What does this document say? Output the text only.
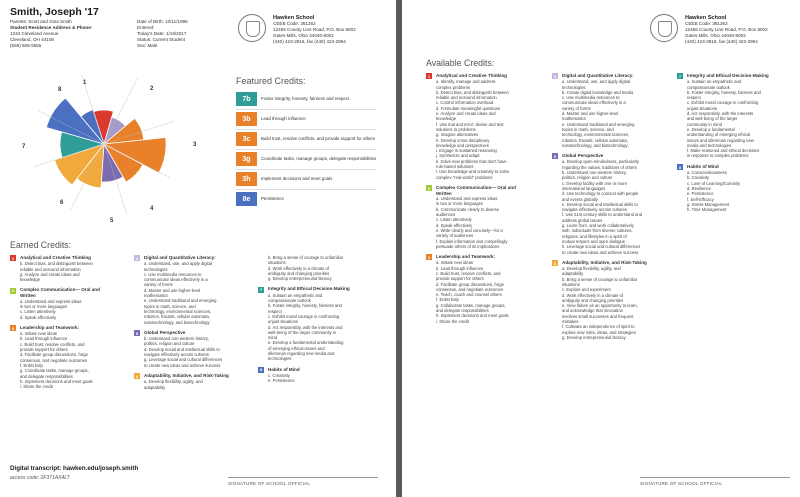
Smith, Joseph '17
Parents: Scott and Gina Smith
Student Residence Address & Phone:
1234 Cleveland Avenue
Cleveland, OH 44108
(555) 555-5555
Date of Birth: 10/11/1998
Entered:
Today's Date: 1/16/2017
Status: Current Student
Sex: Male
Hawken School
CEEB Code: 361262
12456 County Line Road, P.O. Box 8002
Gates Mills, Ohio 44040-8002
(440) 423-2916, fax (440) 423-2994
1
2
3
4
5
6
7
8
Featured Credits:
7b	Foster integrity, honesty, fairness and respect
3b	Lead through influence
3c	Build trust, resolve conflicts, and provide support for others
3g	Coordinate tasks, manage groups, delegate responsibilities
3h	Implement decisions and meet goals
8e	Persistence
Earned Credits:
1	Analytical and Creative Thinking
b. Detect bias, and distinguish between
reliable and unsound information
g. Analyze and create ideas and
knowledge
2	Complex Communication— Oral and Written
a. Understand and express ideas
in two or more languages
c. Listen attentively
d. Speak effectively
3	Leadership and Teamwork:
a. Initiate new ideas
b. Lead through influence
c. Build trust, resolve conflicts, and
provide support for others
d. Facilitate group discussions, forge
consensus, and negotiate outcomes
f. Enlist help
g. Coordinate tasks, manage groups,
and delegate responsibilities
h. Implement decisions and meet goals
i. Share the credit
4	Digital and Quantitative Literacy:
a. Understand, use, and apply digital
technologies
c. Use multimedia resources to
communicate ideas effectively in a
variety of forms
d. Master and use higher-level
mathematics
e. Understand traditional and emerging
topics in math, science, and
technology, environmental sciences,
robotics, fractals, cellular automata,
nanotechnology, and biotechnology
5	Global Perspective
b. Understand non-western history,
politics, religion and culture
d. Develop social and intellectual skills to
navigate effectively across cultures
g. Leverage social and cultural differences
to create new ideas and achieve success
6	Adaptability, Initiative, and Risk-Taking
a. Develop flexibility, agility, and
adaptability
b. Bring a sense of courage to unfamiliar
situations
d. Work effectively in a climate of
ambiguity and changing priorities
g. Develop entrepreneurial literacy
7	Integrity and Ethical Decision-Making
a. Sustain an empathetic and
compassionate outlook
b. Foster integrity, honesty, fairness and
respect
c. Exhibit moral courage in confronting
unjust situations
d. Act responsibly, with the interests and
well-being of the larger community in
mind
e. Develop a fundamental understanding
of emerging ethical issues and
dilemmas regarding new media and
technologies
8	Habits of Mind
c. Creativity
e. Persistence
Digital transcript: hawken.edu/joseph.smith
access code: 2F371AX4LT
SIGNATURE OF SCHOOL OFFICIAL
Hawken School
CEEB Code: 361262
12456 County Line Road, P.O. Box 8002
Gates Mills, Ohio 44040-8002
(440) 423-2916, fax (440) 423-2994
Available Credits:
1	Analytical and Creative Thinking
a. Identify, manage and address
complex problems
b. Detect bias, and distinguish between
reliable and unsound information
c. Control information overload
d. Formulate meaningful questions
e. Analyze and create ideas and
knowledge
f. Use trial and error; devise and test
solutions to problems
g. Imagine alternatives
h. Develop cross-disciplinary
knowledge and perspectives
i. Engage in sustained reasoning
j. Synthesize and adapt
k. Solve new problems that don't have
rule-based solutions
l. Use knowledge and creativity to solve
complex "real-world" problems
2	Complex Communication— Oral and Written
a. Understand and express ideas
in two or more languages
b. Communicate clearly to diverse
audiences
c. Listen attentively
d. Speak effectively
e. Write clearly and concisely—for a
variety of audiences
f. Explain information and compellingly
persuade others of its implications
3	Leadership and Teamwork:
a. Initiate new ideas
b. Lead through influence
c. Build trust, resolve conflicts, and
provide support for others
d. Facilitate group discussions, forge
consensus, and negotiate outcomes
e. Teach, coach and counsel others
f. Enlist help
g. Collaborate tasks, manage groups,
and delegate responsibilities
h. Implement decisions and meet goals
i. Share the credit
4	Digital and Quantitative Literacy:
a. Understand, use, and apply digital
technologies
b. Create digital knowledge and media
c. Use multimedia resources to
communicate ideas effectively in a
variety of forms
d. Master and use higher-level
mathematics
e. Understand traditional and emerging
topics in math, science, and
technology, environmental sciences,
robotics, fractals, cellular automata,
nanotechnology, and biotechnology
5	Global Perspective
a. Develop open-mindedness, particularly
regarding the values, traditions of others
b. Understand non-western history,
politics, religion and culture
c. Develop facility with one or more
international languages
d. Use technology to connect with people
and events globally
e. Develop social and intellectual skills to
navigate effectively across cultures
f. Use 21st century skills to understand and
address global issues
g. Learn from, and work collaboratively
with, individuals from diverse cultures,
religions, and lifestyles in a spirit of
mutual respect and open dialogue
h. Leverage social and cultural differences
to create new ideas and achieve success
6	Adaptability, Initiative, and Risk-Taking
a. Develop flexibility, agility, and
adaptability
b. Bring a sense of courage to unfamiliar
situations
c. Explore and experiment
d. Work effectively in a climate of
ambiguity and changing priorities
e. View failure as an opportunity to learn,
and acknowledge that innovation
involves small successes and frequent
mistakes
f. Cultivate an independence of spirit to
explore new roles, ideas, and strategies
g. Develop entrepreneurial literacy
7	Integrity and Ethical Decision-Making
a. Sustain an empathetic and
compassionate outlook
b. Foster integrity, honesty, fairness and
respect
c. Exhibit moral courage in confronting
unjust situations
d. Act responsibly, with the interests
and well-being of the larger
community in mind
e. Develop a fundamental
understanding of emerging ethical
issues and dilemmas regarding new
media and technologies
f. Make reasoned and ethical decisions
in response to complex problems
8	Habits of Mind
a. Conscientiousness
b. Creativity
c. Love of Learning/Curiosity
d. Resilience
e. Persistence
f. Self-Efficacy
g. Stress Management
h. Time Management
SIGNATURE OF SCHOOL OFFICIAL
